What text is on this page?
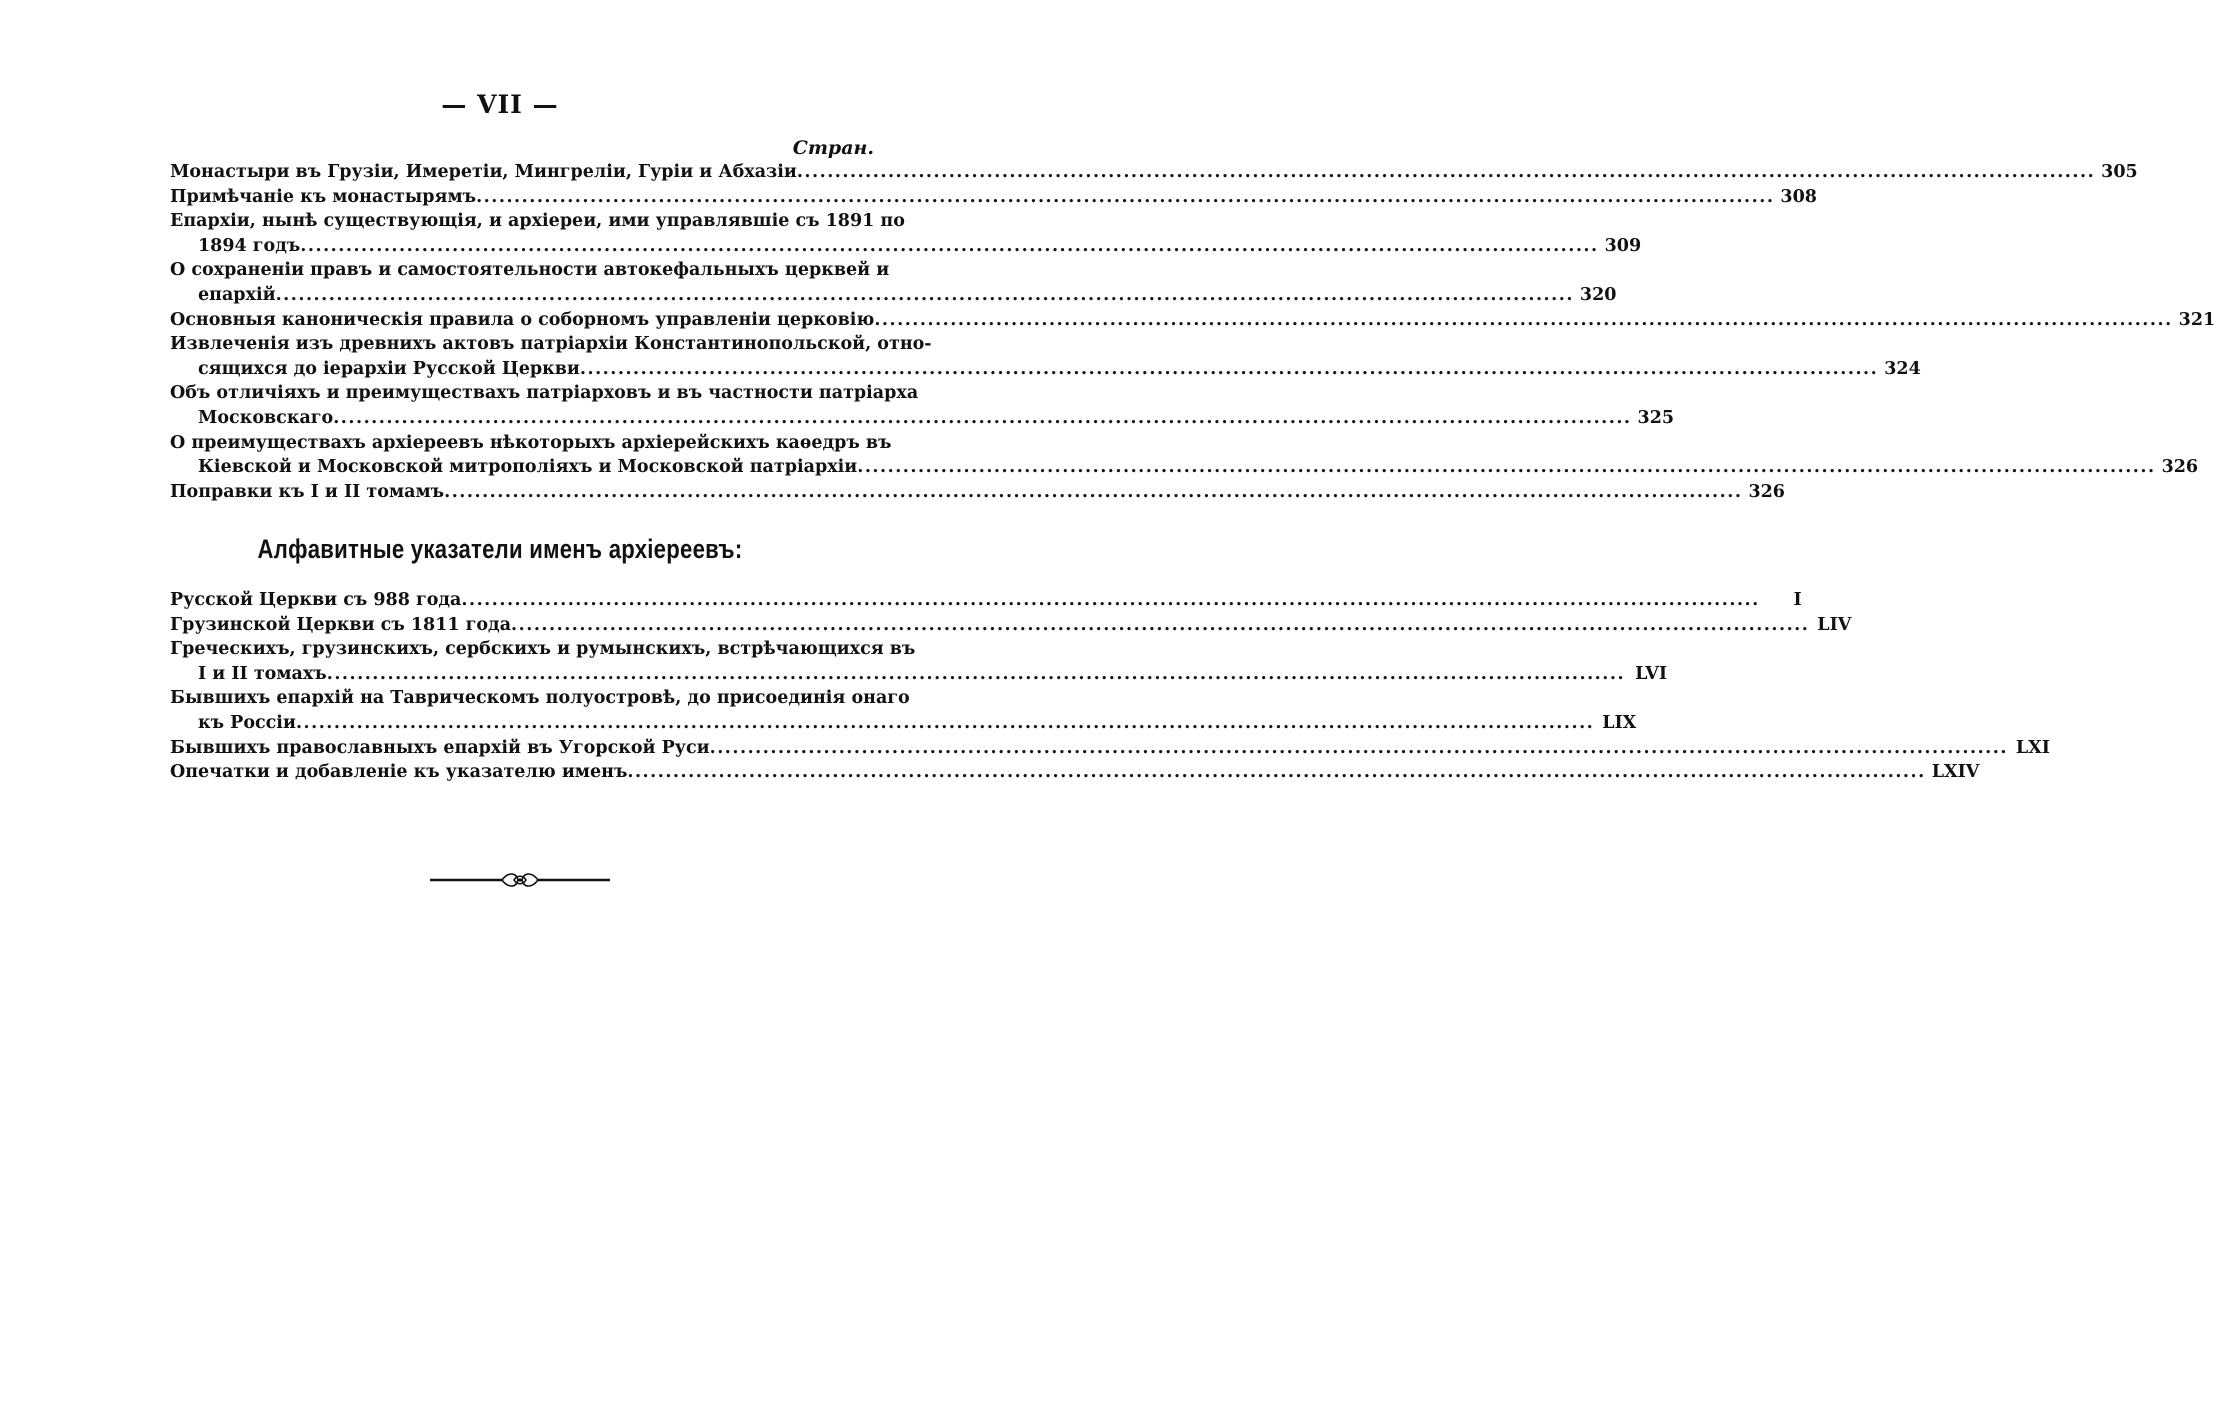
— VII —
Стран.
Монастыри въ Грузіи, Имеретіи, Мингреліи, Гуріи и Абхазіи .....	305
Примѣчаніе къ монастырямъ .....	308
Епархіи, нынѣ существующія, и архіереи, ими управлявшіе съ 1891 по
1894 годъ .....	309
О сохраненіи правъ и самостоятельности автокефальныхъ церквей и
епархій .....	320
Основныя каноническія правила о соборномъ управленіи церковію .....	321
Извлеченія изъ древнихъ актовъ патріархіи Константинопольской, отно-
сящихся до іерархіи Русской Церкви .....	324
Объ отличіяхъ и преимуществахъ патріарховъ и въ частности патріарха
Московскаго .....	325
О преимуществахъ архіереевъ нѣкоторыхъ архіерейскихъ каѳедръ въ
Кіевской и Московской митрополіяхъ и Московской патріархіи .....	326
Поправки къ I и II томамъ .....	326
Алфавитные указатели именъ архіереевъ:
Русской Церкви съ 988 года .....	I
Грузинской Церкви съ 1811 года .....	LIV
Греческихъ, грузинскихъ, сербскихъ и румынскихъ, встрѣчающихся въ
I и II томахъ .....	LVI
Бывшихъ епархій на Таврическомъ полуостровѣ, до присоединія онаго
къ Россіи .....	LIX
Бывшихъ православныхъ епархій въ Угорской Руси .....	LXI
Опечатки и добавленіе къ указателю именъ .....	LXIV
